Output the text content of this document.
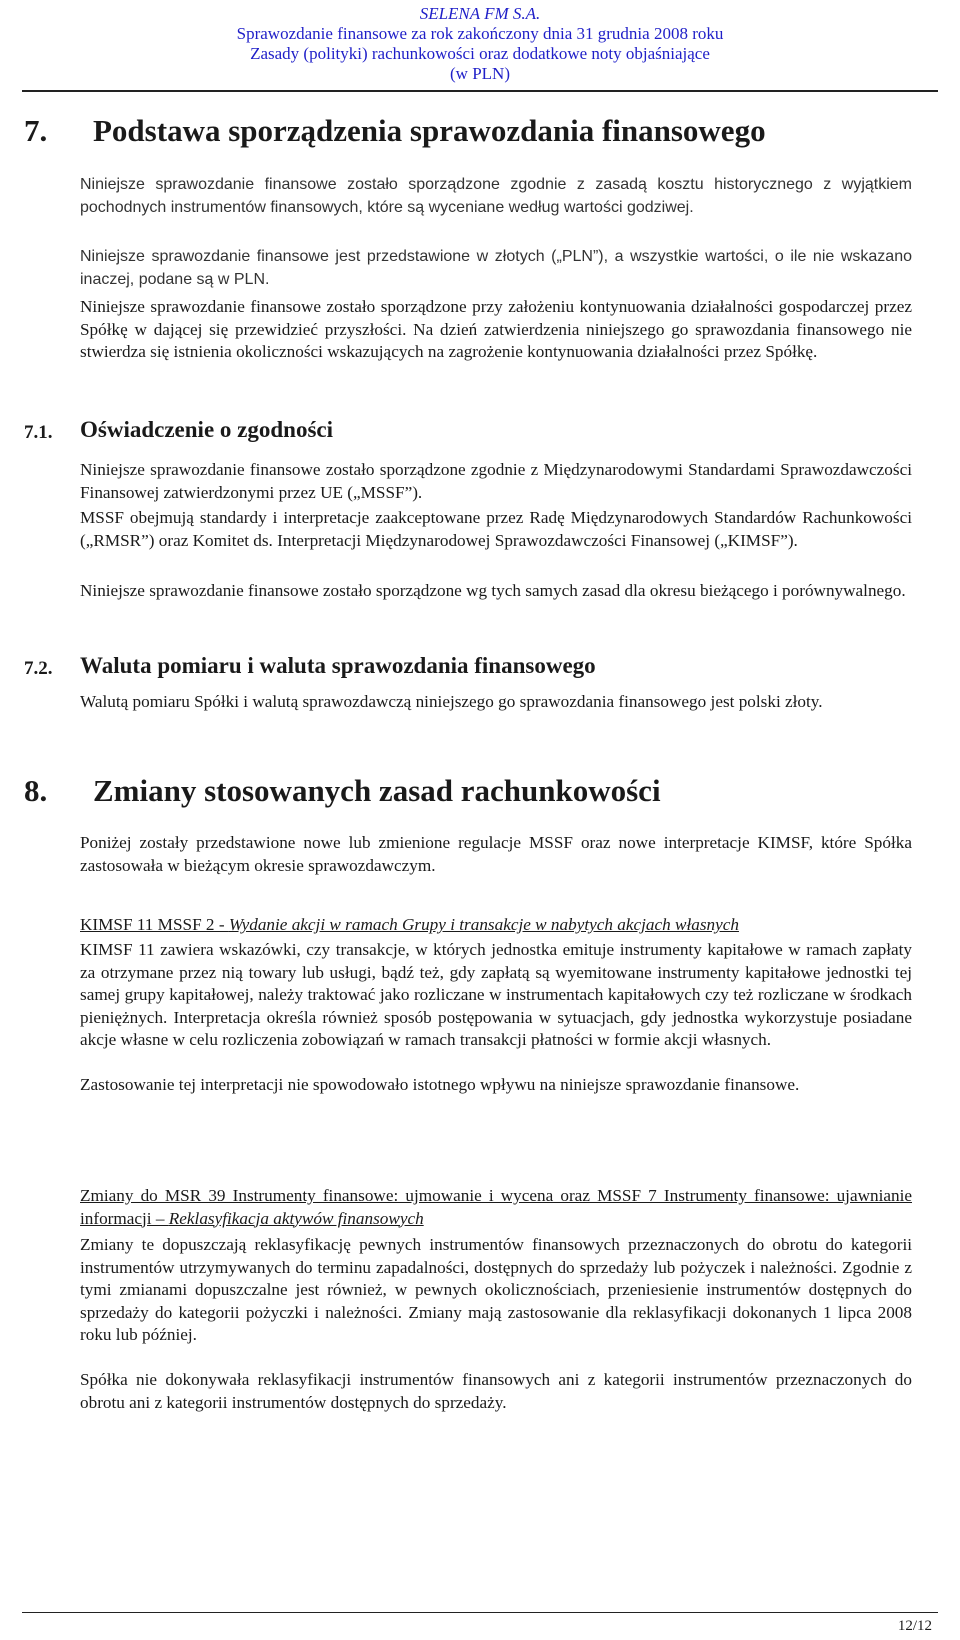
SELENA FM S.A.
Sprawozdanie finansowe za rok zakończony dnia 31 grudnia 2008 roku
Zasady (polityki) rachunkowości oraz dodatkowe noty objaśniające
(w PLN)
7. Podstawa sporządzenia sprawozdania finansowego

Niniejsze sprawozdanie finansowe zostało sporządzone zgodnie z zasadą kosztu historycznego z wyjątkiem pochodnych instrumentów finansowych, które są wyceniane według wartości godziwej.

Niniejsze sprawozdanie finansowe jest przedstawione w złotych („PLN”), a wszystkie wartości, o ile nie wskazano inaczej, podane są w PLN.

Niniejsze sprawozdanie finansowe zostało sporządzone przy założeniu kontynuowania działalności gospodarczej przez Spółkę w dającej się przewidzieć przyszłości. Na dzień zatwierdzenia niniejszego go sprawozdania finansowego nie stwierdza się istnienia okoliczności wskazujących na zagrożenie kontynuowania działalności przez Spółkę.

7.1. Oświadczenie o zgodności

Niniejsze sprawozdanie finansowe zostało sporządzone zgodnie z Międzynarodowymi Standardami Sprawozdawczości Finansowej zatwierdzonymi przez UE („MSSF”).

MSSF obejmują standardy i interpretacje zaakceptowane przez Radę Międzynarodowych Standardów Rachunkowości („RMSR”) oraz Komitet ds. Interpretacji Międzynarodowej Sprawozdawczości Finansowej („KIMSF”).

Niniejsze sprawozdanie finansowe zostało sporządzone wg tych samych zasad dla okresu bieżącego i porównywalnego.

7.2. Waluta pomiaru i waluta sprawozdania finansowego

Walutą pomiaru Spółki i walutą sprawozdawczą niniejszego go sprawozdania finansowego jest polski złoty.

8. Zmiany stosowanych zasad rachunkowości

Poniżej zostały przedstawione nowe lub zmienione regulacje MSSF oraz nowe interpretacje KIMSF, które Spółka zastosowała w bieżącym okresie sprawozdawczym.

KIMSF 11 MSSF 2 - Wydanie akcji w ramach Grupy i transakcje w nabytych akcjach własnych

KIMSF 11 zawiera wskazówki, czy transakcje, w których jednostka emituje instrumenty kapitałowe w ramach zapłaty za otrzymane przez nią towary lub usługi, bądź też, gdy zapłatą są wyemitowane instrumenty kapitałowe jednostki tej samej grupy kapitałowej, należy traktować jako rozliczane w instrumentach kapitałowych czy też rozliczane w środkach pieniężnych. Interpretacja określa również sposób postępowania w sytuacjach, gdy jednostka wykorzystuje posiadane akcje własne w celu rozliczenia zobowiązań w ramach transakcji płatności w formie akcji własnych.

Zastosowanie tej interpretacji nie spowodowało istotnego wpływu na niniejsze sprawozdanie finansowe.

Zmiany do MSR 39 Instrumenty finansowe: ujmowanie i wycena oraz MSSF 7 Instrumenty finansowe: ujawnianie informacji – Reklasyfikacja aktywów finansowych

Zmiany te dopuszczają reklasyfikację pewnych instrumentów finansowych przeznaczonych do obrotu do kategorii instrumentów utrzymywanych do terminu zapadalności, dostępnych do sprzedaży lub pożyczek i należności. Zgodnie z tymi zmianami dopuszczalne jest również, w pewnych okolicznościach, przeniesienie instrumentów dostępnych do sprzedaży do kategorii pożyczki i należności. Zmiany mają zastosowanie dla reklasyfikacji dokonanych 1 lipca 2008 roku lub później.

Spółka nie dokonywała reklasyfikacji instrumentów finansowych ani z kategorii instrumentów przeznaczonych do obrotu ani z kategorii instrumentów dostępnych do sprzedaży.

12/12
